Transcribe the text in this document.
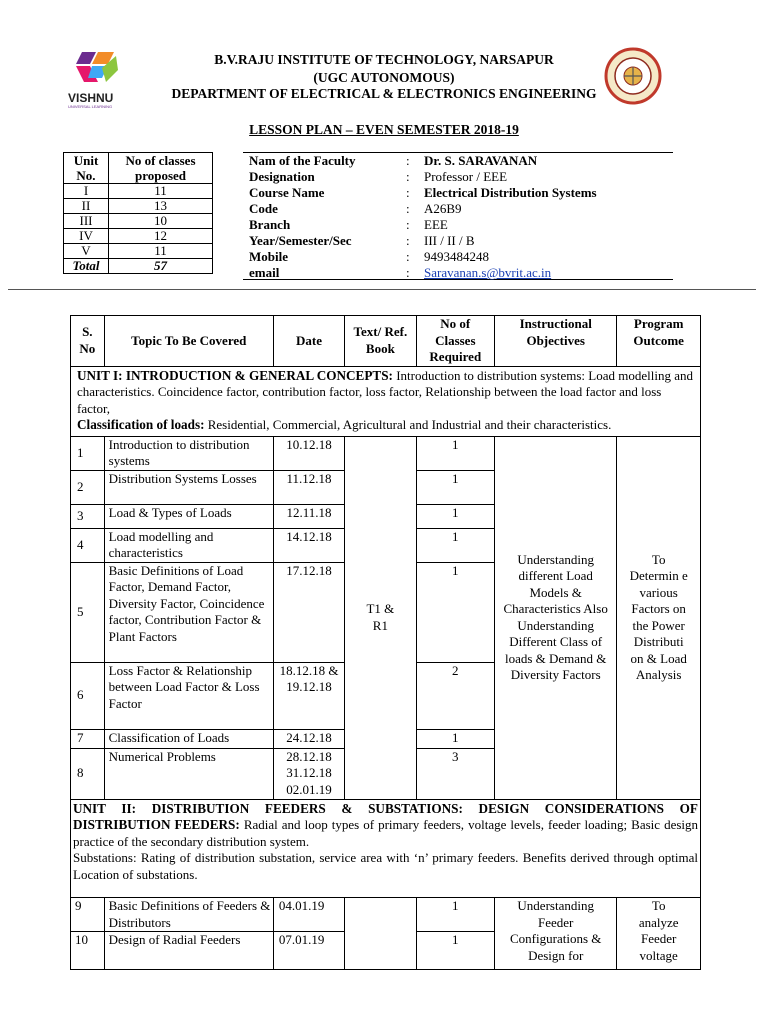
VISHNU
UNIVERSAL LEARNING
B.V.RAJU INSTITUTE OF TECHNOLOGY, NARSAPUR
(UGC AUTONOMOUS)
DEPARTMENT OF ELECTRICAL & ELECTRONICS ENGINEERING
LESSON PLAN – EVEN SEMESTER 2018-19
Unit No.	No of classes proposed
I	11
II	13
III	10
IV	12
V	11
Total	57
Nam of the Faculty	:	Dr. S. SARAVANAN
Designation	:	Professor / EEE
Course Name	:	Electrical Distribution Systems
Code	:	A26B9
Branch	:	EEE
Year/Semester/Sec	:	III / II / B
Mobile	:	9493484248
email	:	Saravanan.s@bvrit.ac.in
S. No	Topic To Be Covered	Date	Text/ Ref. Book	No of Classes Required	Instructional Objectives	Program Outcome
UNIT I: INTRODUCTION & GENERAL CONCEPTS: Introduction to distribution systems: Load modelling and characteristics. Coincidence factor, contribution factor, loss factor, Relationship between the load factor and loss factor,
Classification of loads: Residential, Commercial, Agricultural and Industrial and their characteristics.						
1	Introduction to distribution systems	10.12.18	T1 & R1	1	Understanding different Load Models & Characteristics Also Understanding Different Class of loads & Demand & Diversity Factors	To Determin e various Factors on the Power Distributi on & Load Analysis
2	Distribution Systems Losses	11.12.18		1		
3	Load & Types of Loads	12.11.18		1		
4	Load modelling and characteristics	14.12.18		1		
5	Basic Definitions of Load Factor, Demand Factor, Diversity Factor, Coincidence factor, Contribution Factor & Plant Factors	17.12.18		1		
6	Loss Factor & Relationship between Load Factor & Loss Factor	18.12.18 & 19.12.18		2		
7	Classification of Loads	24.12.18		1		
8	Numerical Problems	28.12.18 31.12.18 02.01.19		3		
UNIT II: DISTRIBUTION FEEDERS & SUBSTATIONS: DESIGN CONSIDERATIONS OF DISTRIBUTION FEEDERS: Radial and loop types of primary feeders, voltage levels, feeder loading; Basic design practice of the secondary distribution system.
Substations: Rating of distribution substation, service area with ‘n’ primary feeders. Benefits derived through optimal Location of substations.						
9	Basic Definitions of Feeders & Distributors	04.01.19		1	Understanding Feeder Configurations & Design for	To analyze Feeder voltage
10	Design of Radial Feeders	07.01.19		1		
